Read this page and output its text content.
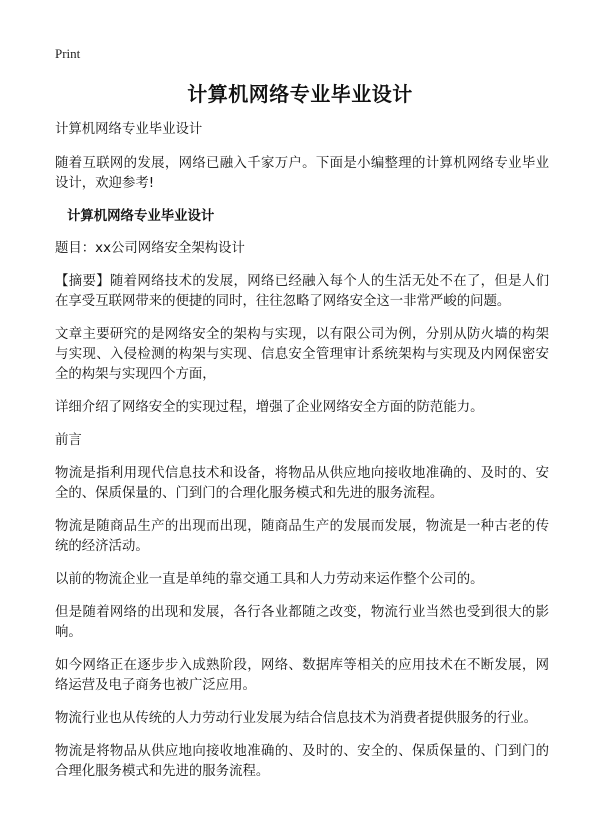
Print
计算机网络专业毕业设计

计算机网络专业毕业设计

随着互联网的发展，网络已融入千家万户。下面是小编整理的计算机网络专业毕业设计，欢迎参考!

计算机网络专业毕业设计

题目：xx公司网络安全架构设计

【摘要】随着网络技术的发展，网络已经融入每个人的生活无处不在了，但是人们在享受互联网带来的便捷的同时，往往忽略了网络安全这一非常严峻的问题。

文章主要研究的是网络安全的架构与实现，以有限公司为例，分别从防火墙的构架与实现、入侵检测的构架与实现、信息安全管理审计系统架构与实现及内网保密安全的构架与实现四个方面，

详细介绍了网络安全的实现过程，增强了企业网络安全方面的防范能力。

前言

物流是指利用现代信息技术和设备，将物品从供应地向接收地准确的、及时的、安全的、保质保量的、门到门的合理化服务模式和先进的服务流程。

物流是随商品生产的出现而出现，随商品生产的发展而发展，物流是一种古老的传统的经济活动。

以前的物流企业一直是单纯的靠交通工具和人力劳动来运作整个公司的。

但是随着网络的出现和发展，各行各业都随之改变，物流行业当然也受到很大的影响。

如今网络正在逐步步入成熟阶段，网络、数据库等相关的应用技术在不断发展，网络运营及电子商务也被广泛应用。

物流行业也从传统的人力劳动行业发展为结合信息技术为消费者提供服务的行业。

物流是将物品从供应地向接收地准确的、及时的、安全的、保质保量的、门到门的合理化服务模式和先进的服务流程。
